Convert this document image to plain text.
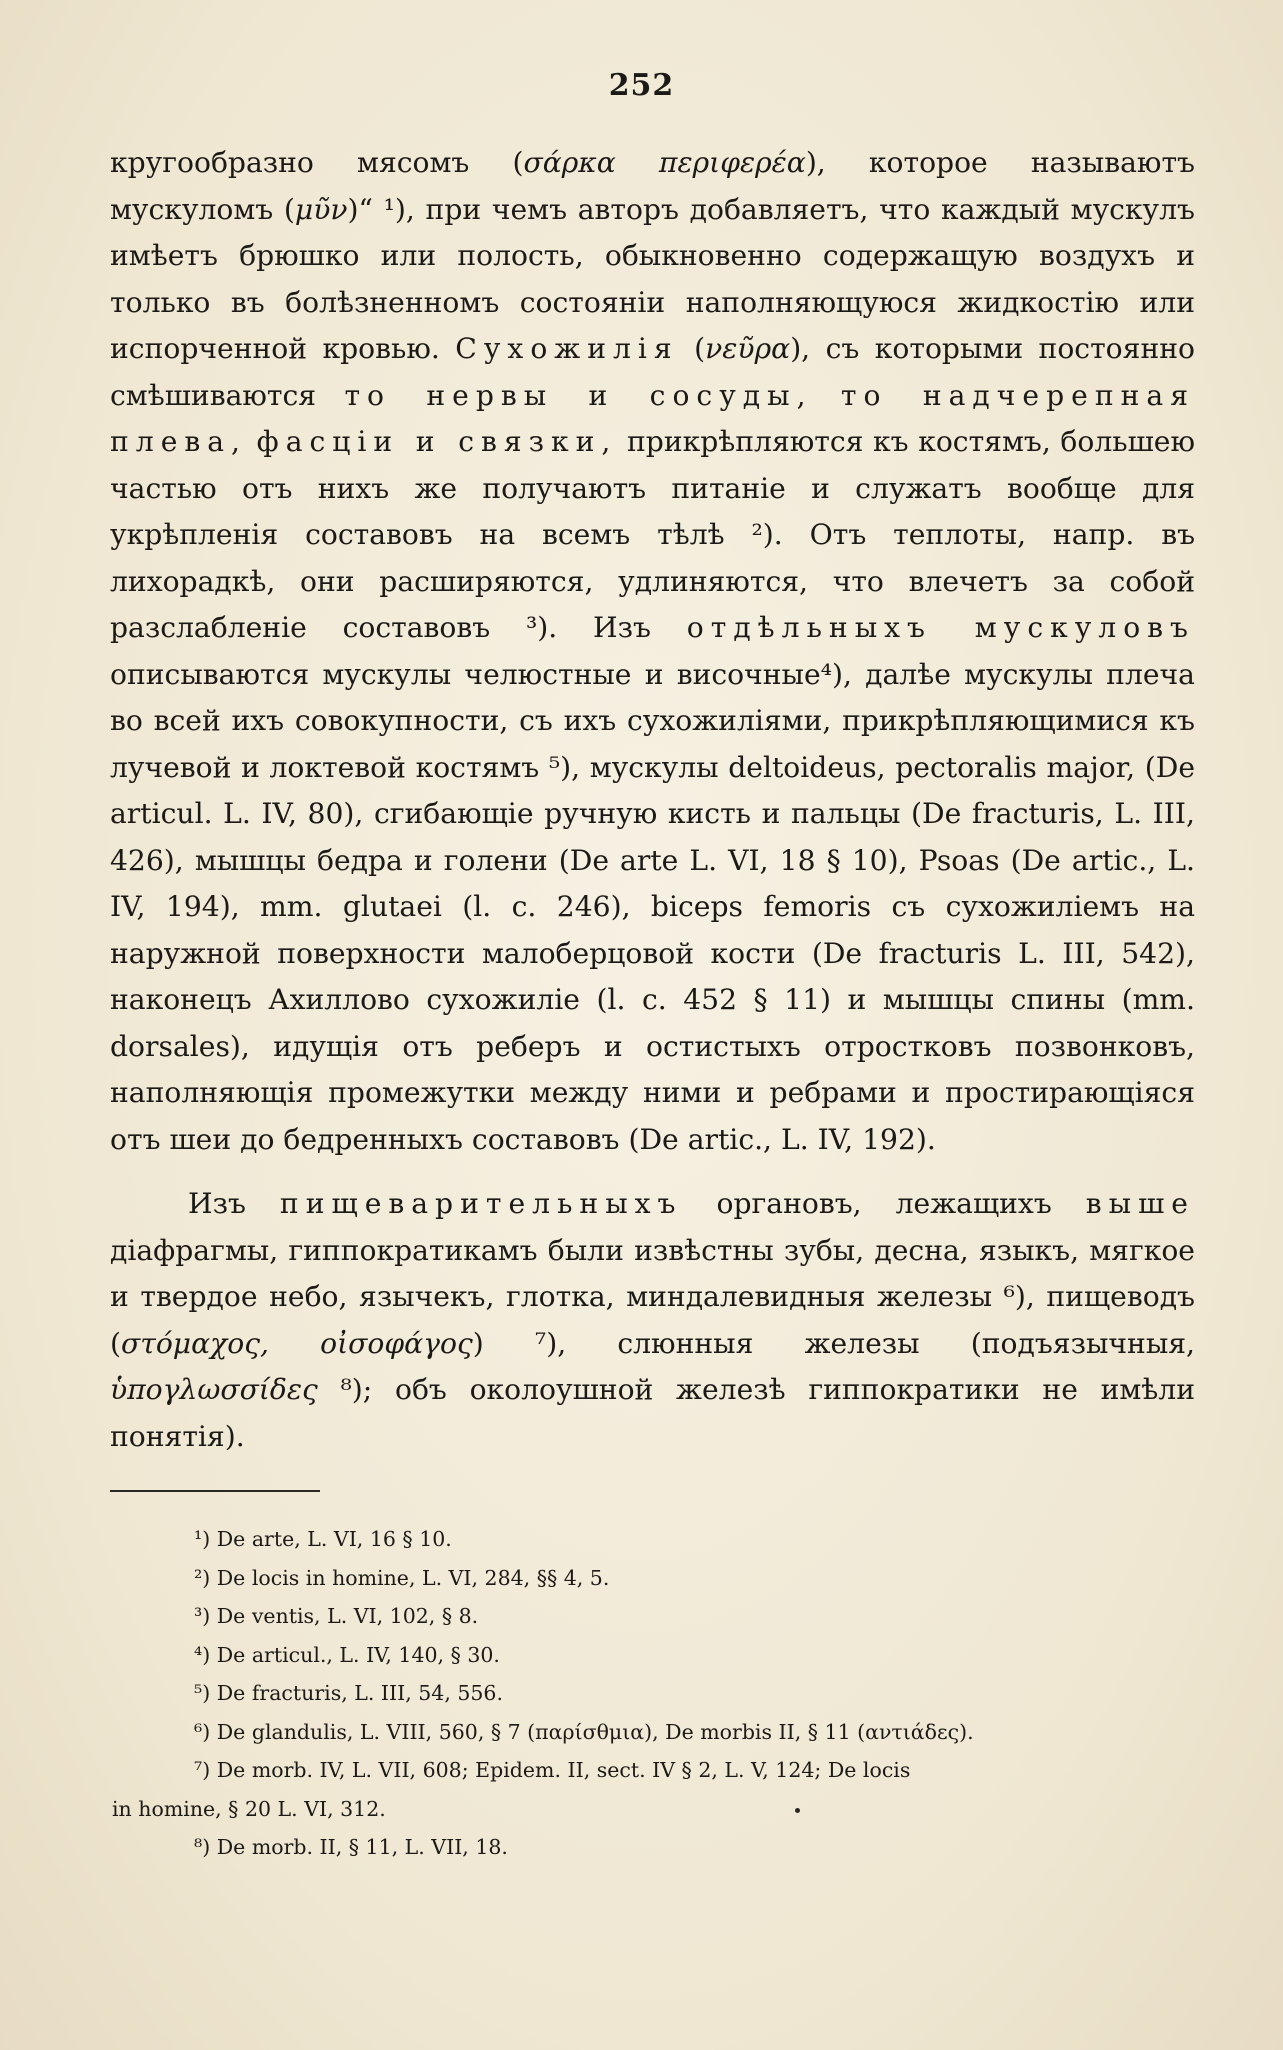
252

кругообразно мясомъ (σάρκα περιφερέα), которое называютъ мускуломъ (μῦν)“ ¹), при чемъ авторъ добавляетъ, что каждый мускулъ имѣетъ брюшко или полость, обыкновенно содержащую воздухъ и только въ болѣзненномъ состояніи наполняющуюся жидкостію или испорченной кровью. Сухожилія (νεῦρα), съ которыми постоянно смѣшиваются то нервы и сосуды, то надчерепная плева, фасціи и связки, прикрѣпляются къ костямъ, большею частью отъ нихъ же получаютъ питаніе и служатъ вообще для укрѣпленія составовъ на всемъ тѣлѣ ²). Отъ теплоты, напр. въ лихорадкѣ, они расширяются, удлиняются, что влечетъ за собой разслабленіе составовъ ³). Изъ отдѣльныхъ мускуловъ описываются мускулы челюстные и височные⁴), далѣе мускулы плеча во всей ихъ совокупности, съ ихъ сухожиліями, прикрѣпляющимися къ лучевой и локтевой костямъ ⁵), мускулы deltoideus, pectoralis major, (De articul. L. IV, 80), сгибающіе ручную кисть и пальцы (De fracturis, L. III, 426), мышцы бедра и голени (De arte L. VI, 18 § 10), Psoas (De artic., L. IV, 194), mm. glutaei (l. c. 246), biceps femoris съ сухожиліемъ на наружной поверхности малоберцовой кости (De fracturis L. III, 542), наконецъ Ахиллово сухожиліе (l. c. 452 § 11) и мышцы спины (mm. dorsales), идущія отъ реберъ и остистыхъ отростковъ позвонковъ, наполняющія промежутки между ними и ребрами и простирающіяся отъ шеи до бедренныхъ составовъ (De artic., L. IV, 192).

Изъ пищеварительныхъ органовъ, лежащихъ выше діафрагмы, гиппократикамъ были извѣстны зубы, десна, языкъ, мягкое и твердое небо, язычекъ, глотка, миндалевидныя железы ⁶), пищеводъ (στόμαχος, οἰσοφάγος) ⁷), слюнныя железы (подъязычныя, ὑπογλωσσίδες ⁸); объ околоушной железѣ гиппократики не имѣли понятія).

¹) De arte, L. VI, 16 § 10.
²) De locis in homine, L. VI, 284, §§ 4, 5.
³) De ventis, L. VI, 102, § 8.
⁴) De articul., L. IV, 140, § 30.
⁵) De fracturis, L. III, 54, 556.
⁶) De glandulis, L. VIII, 560, § 7 (παρίσθμια), De morbis II, § 11 (αντιάδες).
⁷) De morb. IV, L. VII, 608; Epidem. II, sect. IV § 2, L. V, 124; De locis
in homine, § 20 L. VI, 312.
⁸) De morb. II, § 11, L. VII, 18.
